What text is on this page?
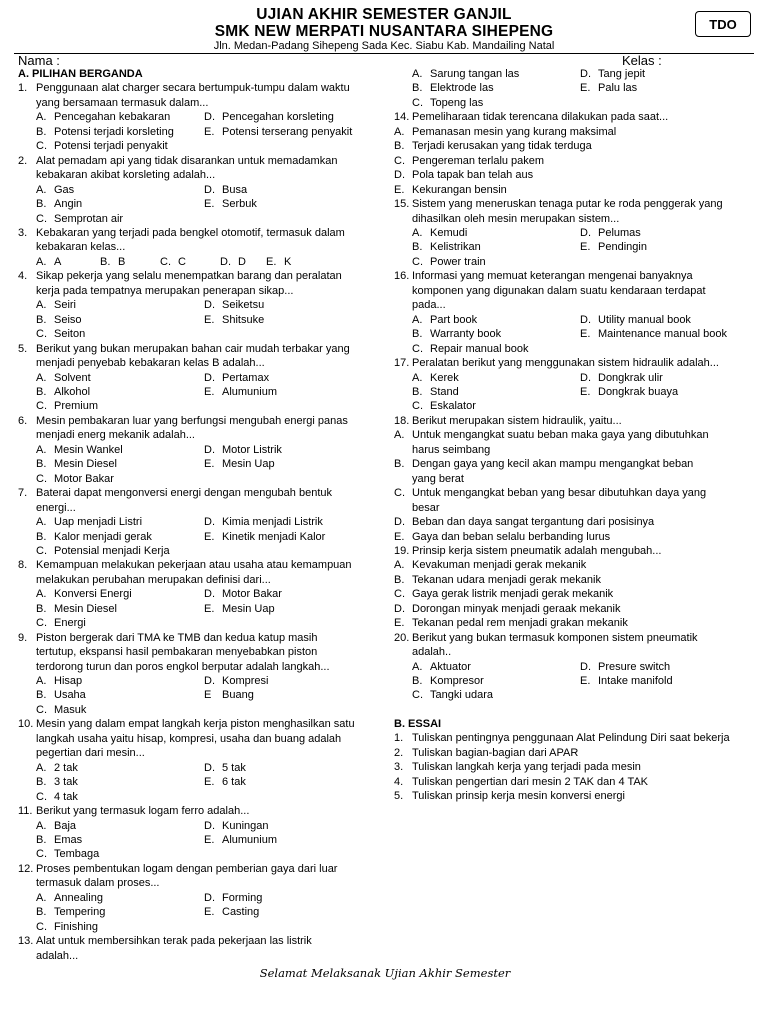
UJIAN AKHIR SEMESTER GANJIL
SMK NEW MERPATI NUSANTARA SIHEPENG
Jln. Medan-Padang Sihepeng Sada Kec. Siabu Kab. Mandailing Natal
TDO
Nama :	Kelas :
A. PILIHAN BERGANDA
1. Penggunaan alat charger secara bertumpuk-tumpu dalam waktu
yang bersamaan termasuk dalam...
A. Pencegahan kebakaran	D. Pencegahan korsleting
B. Potensi terjadi korsleting	E. Potensi terserang penyakit
C. Potensi terjadi penyakit
2. Alat pemadam api yang tidak disarankan untuk memadamkan
kebakaran akibat korsleting adalah...
A. Gas	D. Busa
B. Angin	E. Serbuk
C. Semprotan air
3. Kebakaran yang terjadi pada bengkel otomotif, termasuk dalam
kebakaran kelas...
A. A	B. B	C. C	D. D	E. K
4. Sikap pekerja yang selalu menempatkan barang dan peralatan
kerja pada tempatnya merupakan penerapan sikap...
A. Seiri	D. Seiketsu
B. Seiso	E. Shitsuke
C. Seiton
5. Berikut yang bukan merupakan bahan cair mudah terbakar yang
menjadi penyebab kebakaran kelas B adalah...
A. Solvent	D. Pertamax
B. Alkohol	E. Alumunium
C. Premium
6. Mesin pembakaran luar yang berfungsi mengubah energi panas
menjadi energ mekanik adalah...
A. Mesin Wankel	D. Motor Listrik
B. Mesin Diesel	E. Mesin Uap
C. Motor Bakar
7. Baterai dapat mengonversi energi dengan mengubah bentuk
energi...
A. Uap menjadi Listri	D. Kimia menjadi Listrik
B. Kalor menjadi gerak	E. Kinetik menjadi Kalor
C. Potensial menjadi Kerja
8. Kemampuan melakukan pekerjaan atau usaha atau kemampuan
melakukan perubahan merupakan definisi dari...
A. Konversi Energi	D. Motor Bakar
B. Mesin Diesel	E. Mesin Uap
C. Energi
9. Piston bergerak dari TMA ke TMB dan kedua katup masih
tertutup, ekspansi hasil pembakaran menyebabkan piston
terdorong turun dan poros engkol berputar adalah langkah...
A. Hisap	D. Kompresi
B. Usaha	E Buang
C. Masuk
10. Mesin yang dalam empat langkah kerja piston menghasilkan satu
langkah usaha yaitu hisap, kompresi, usaha dan buang adalah
pegertian dari mesin...
A. 2 tak	D. 5 tak
B. 3 tak	E. 6 tak
C. 4 tak
11. Berikut yang termasuk logam ferro adalah...
A. Baja	D. Kuningan
B. Emas	E. Alumunium
C. Tembaga
12. Proses pembentukan logam dengan pemberian gaya dari luar
termasuk dalam proses...
A. Annealing	D. Forming
B. Tempering	E. Casting
C. Finishing
13. Alat untuk membersihkan terak pada pekerjaan las listrik
adalah...
A. Sarung tangan las	D. Tang jepit
B. Elektrode las	E. Palu las
C. Topeng las
14. Pemeliharaan tidak terencana dilakukan pada saat...
A. Pemanasan mesin yang kurang maksimal
B. Terjadi kerusakan yang tidak terduga
C. Pengereman terlalu pakem
D. Pola tapak ban telah aus
E. Kekurangan bensin
15. Sistem yang meneruskan tenaga putar ke roda penggerak yang
dihasilkan oleh mesin merupakan sistem...
A. Kemudi	D. Pelumas
B. Kelistrikan	E. Pendingin
C. Power train
16. Informasi yang memuat keterangan mengenai banyaknya
komponen yang digunakan dalam suatu kendaraan terdapat
pada...
A. Part book	D. Utility manual book
B. Warranty book	E. Maintenance manual book
C. Repair manual book
17. Peralatan berikut yang menggunakan sistem hidraulik adalah...
A. Kerek	D. Dongkrak ulir
B. Stand	E. Dongkrak buaya
C. Eskalator
18. Berikut merupakan sistem hidraulik, yaitu...
A. Untuk mengangkat suatu beban maka gaya yang dibutuhkan
harus seimbang
B. Dengan gaya yang kecil akan mampu mengangkat beban
yang berat
C. Untuk mengangkat beban yang besar dibutuhkan daya yang
besar
D. Beban dan daya sangat tergantung dari posisinya
E. Gaya dan beban selalu berbanding lurus
19. Prinsip kerja sistem pneumatik adalah mengubah...
A. Kevakuman menjadi gerak mekanik
B. Tekanan udara menjadi gerak mekanik
C. Gaya gerak listrik menjadi gerak mekanik
D. Dorongan minyak menjadi geraak mekanik
E. Tekanan pedal rem menjadi grakan mekanik
20. Berikut yang bukan termasuk komponen sistem pneumatik
adalah..
A. Aktuator	D. Presure switch
B. Kompresor	E. Intake manifold
C. Tangki udara
B. ESSAI
1. Tuliskan pentingnya penggunaan Alat Pelindung Diri saat bekerja
2. Tuliskan bagian-bagian dari APAR
3. Tuliskan langkah kerja yang terjadi pada mesin
4. Tuliskan pengertian dari mesin 2 TAK dan 4 TAK
5. Tuliskan prinsip kerja mesin konversi energi
Selamat Melaksanak Ujian Akhir Semester
